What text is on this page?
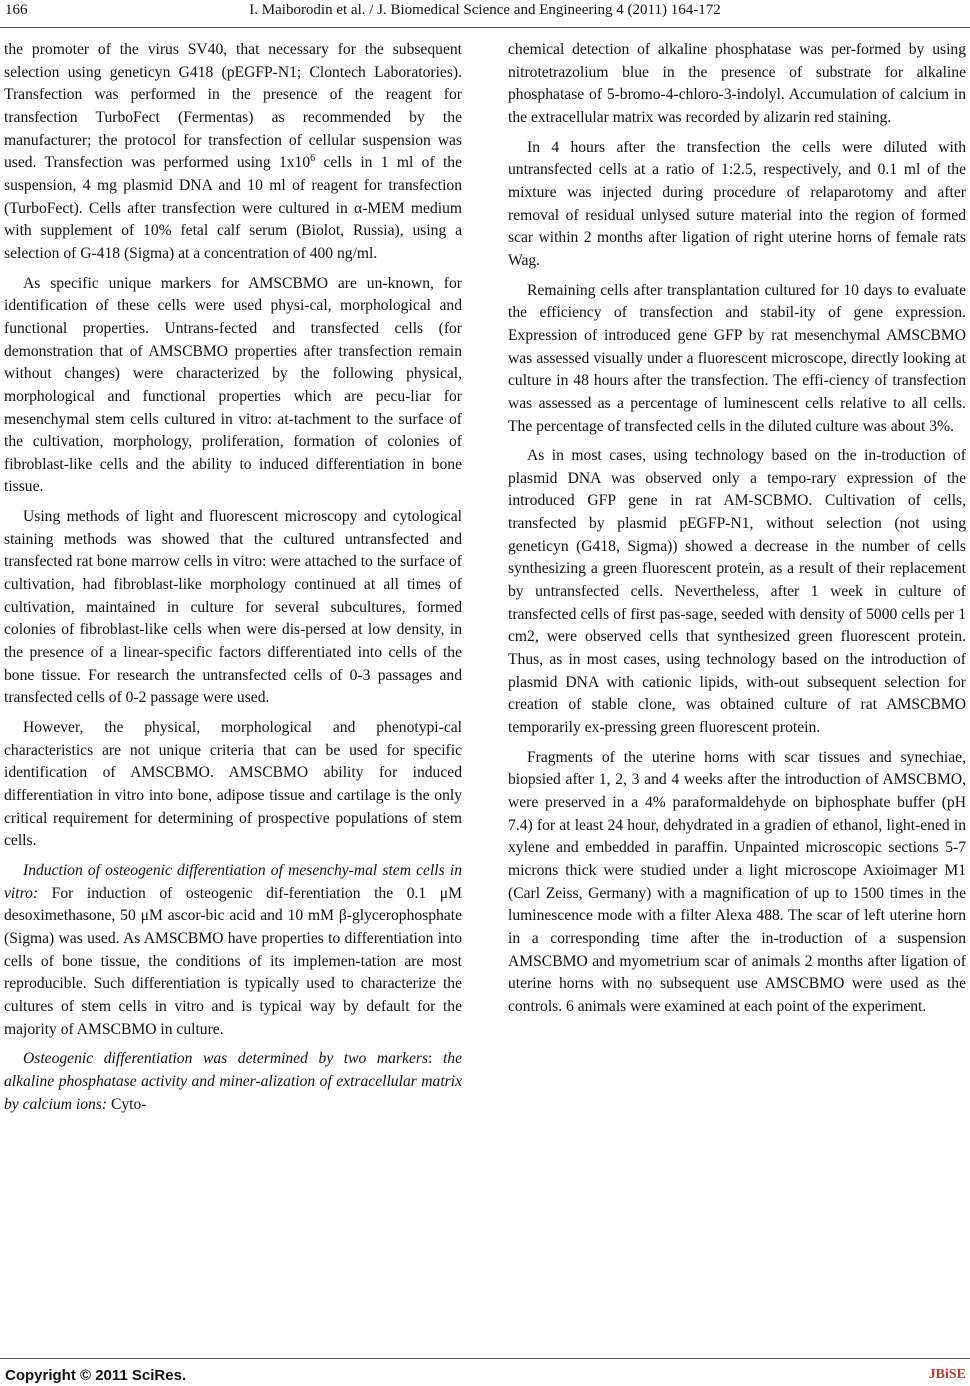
166	I. Maiborodin et al. / J. Biomedical Science and Engineering 4 (2011) 164-172

the promoter of the virus SV40, that necessary for the subsequent selection using geneticyn G418 (pEGFP-N1; Clontech Laboratories). Transfection was performed in the presence of the reagent for transfection TurboFect (Fermentas) as recommended by the manufacturer; the protocol for transfection of cellular suspension was used. Transfection was performed using $1x10^6$ cells in 1 ml of the suspension, 4 mg plasmid DNA and 10 ml of reagent for transfection (TurboFect). Cells after transfection were cultured in α-MEM medium with supplement of 10% fetal calf serum (Biolot, Russia), using a selection of G-418 (Sigma) at a concentration of 400 ng/ml.

As specific unique markers for AMSCBMO are un-known, for identification of these cells were used physi-cal, morphological and functional properties. Untrans-fected and transfected cells (for demonstration that of AMSCBMO properties after transfection remain without changes) were characterized by the following physical, morphological and functional properties which are pecu-liar for mesenchymal stem cells cultured in vitro: at-tachment to the surface of the cultivation, morphology, proliferation, formation of colonies of fibroblast-like cells and the ability to induced differentiation in bone tissue.

Using methods of light and fluorescent microscopy and cytological staining methods was showed that the cultured untransfected and transfected rat bone marrow cells in vitro: were attached to the surface of cultivation, had fibroblast-like morphology continued at all times of cultivation, maintained in culture for several subcultures, formed colonies of fibroblast-like cells when were dis-persed at low density, in the presence of a linear-specific factors differentiated into cells of the bone tissue. For research the untransfected cells of 0-3 passages and transfected cells of 0-2 passage were used.

However, the physical, morphological and phenotypi-cal characteristics are not unique criteria that can be used for specific identification of AMSCBMO. AMSCBMO ability for induced differentiation in vitro into bone, adipose tissue and cartilage is the only critical requirement for determining of prospective populations of stem cells.

Induction of osteogenic differentiation of mesenchy-mal stem cells in vitro: For induction of osteogenic dif-ferentiation the 0.1 μM desoximethasone, 50 μM ascor-bic acid and 10 mM β-glycerophosphate (Sigma) was used. As AMSCBMO have properties to differentiation into cells of bone tissue, the conditions of its implemen-tation are most reproducible. Such differentiation is typically used to characterize the cultures of stem cells in vitro and is typical way by default for the majority of AMSCBMO in culture.

Osteogenic differentiation was determined by two markers: the alkaline phosphatase activity and miner-alization of extracellular matrix by calcium ions: Cyto-

chemical detection of alkaline phosphatase was per-formed by using nitrotetrazolium blue in the presence of substrate for alkaline phosphatase of 5-bromo-4-chloro-3-indolyl. Accumulation of calcium in the extracellular matrix was recorded by alizarin red staining.

In 4 hours after the transfection the cells were diluted with untransfected cells at a ratio of 1:2.5, respectively, and 0.1 ml of the mixture was injected during procedure of relaparotomy and after removal of residual unlysed suture material into the region of formed scar within 2 months after ligation of right uterine horns of female rats Wag.

Remaining cells after transplantation cultured for 10 days to evaluate the efficiency of transfection and stabil-ity of gene expression. Expression of introduced gene GFP by rat mesenchymal AMSCBMO was assessed visually under a fluorescent microscope, directly looking at culture in 48 hours after the transfection. The effi-ciency of transfection was assessed as a percentage of luminescent cells relative to all cells. The percentage of transfected cells in the diluted culture was about 3%.

As in most cases, using technology based on the in-troduction of plasmid DNA was observed only a tempo-rary expression of the introduced GFP gene in rat AM-SCBMO. Cultivation of cells, transfected by plasmid pEGFP-N1, without selection (not using geneticyn (G418, Sigma)) showed a decrease in the number of cells synthesizing a green fluorescent protein, as a result of their replacement by untransfected cells. Nevertheless, after 1 week in culture of transfected cells of first pas-sage, seeded with density of 5000 cells per 1 cm2, were observed cells that synthesized green fluorescent protein. Thus, as in most cases, using technology based on the introduction of plasmid DNA with cationic lipids, with-out subsequent selection for creation of stable clone, was obtained culture of rat AMSCBMO temporarily ex-pressing green fluorescent protein.

Fragments of the uterine horns with scar tissues and synechiae, biopsied after 1, 2, 3 and 4 weeks after the introduction of AMSCBMO, were preserved in a 4% paraformaldehyde on biphosphate buffer (pH 7.4) for at least 24 hour, dehydrated in a gradien of ethanol, light-ened in xylene and embedded in paraffin. Unpainted microscopic sections 5-7 microns thick were studied under a light microscope Axioimager M1 (Carl Zeiss, Germany) with a magnification of up to 1500 times in the luminescence mode with a filter Alexa 488. The scar of left uterine horn in a corresponding time after the in-troduction of a suspension AMSCBMO and myometrium scar of animals 2 months after ligation of uterine horns with no subsequent use AMSCBMO were used as the controls. 6 animals were examined at each point of the experiment.

Copyright © 2011 SciRes.	JBiSE
